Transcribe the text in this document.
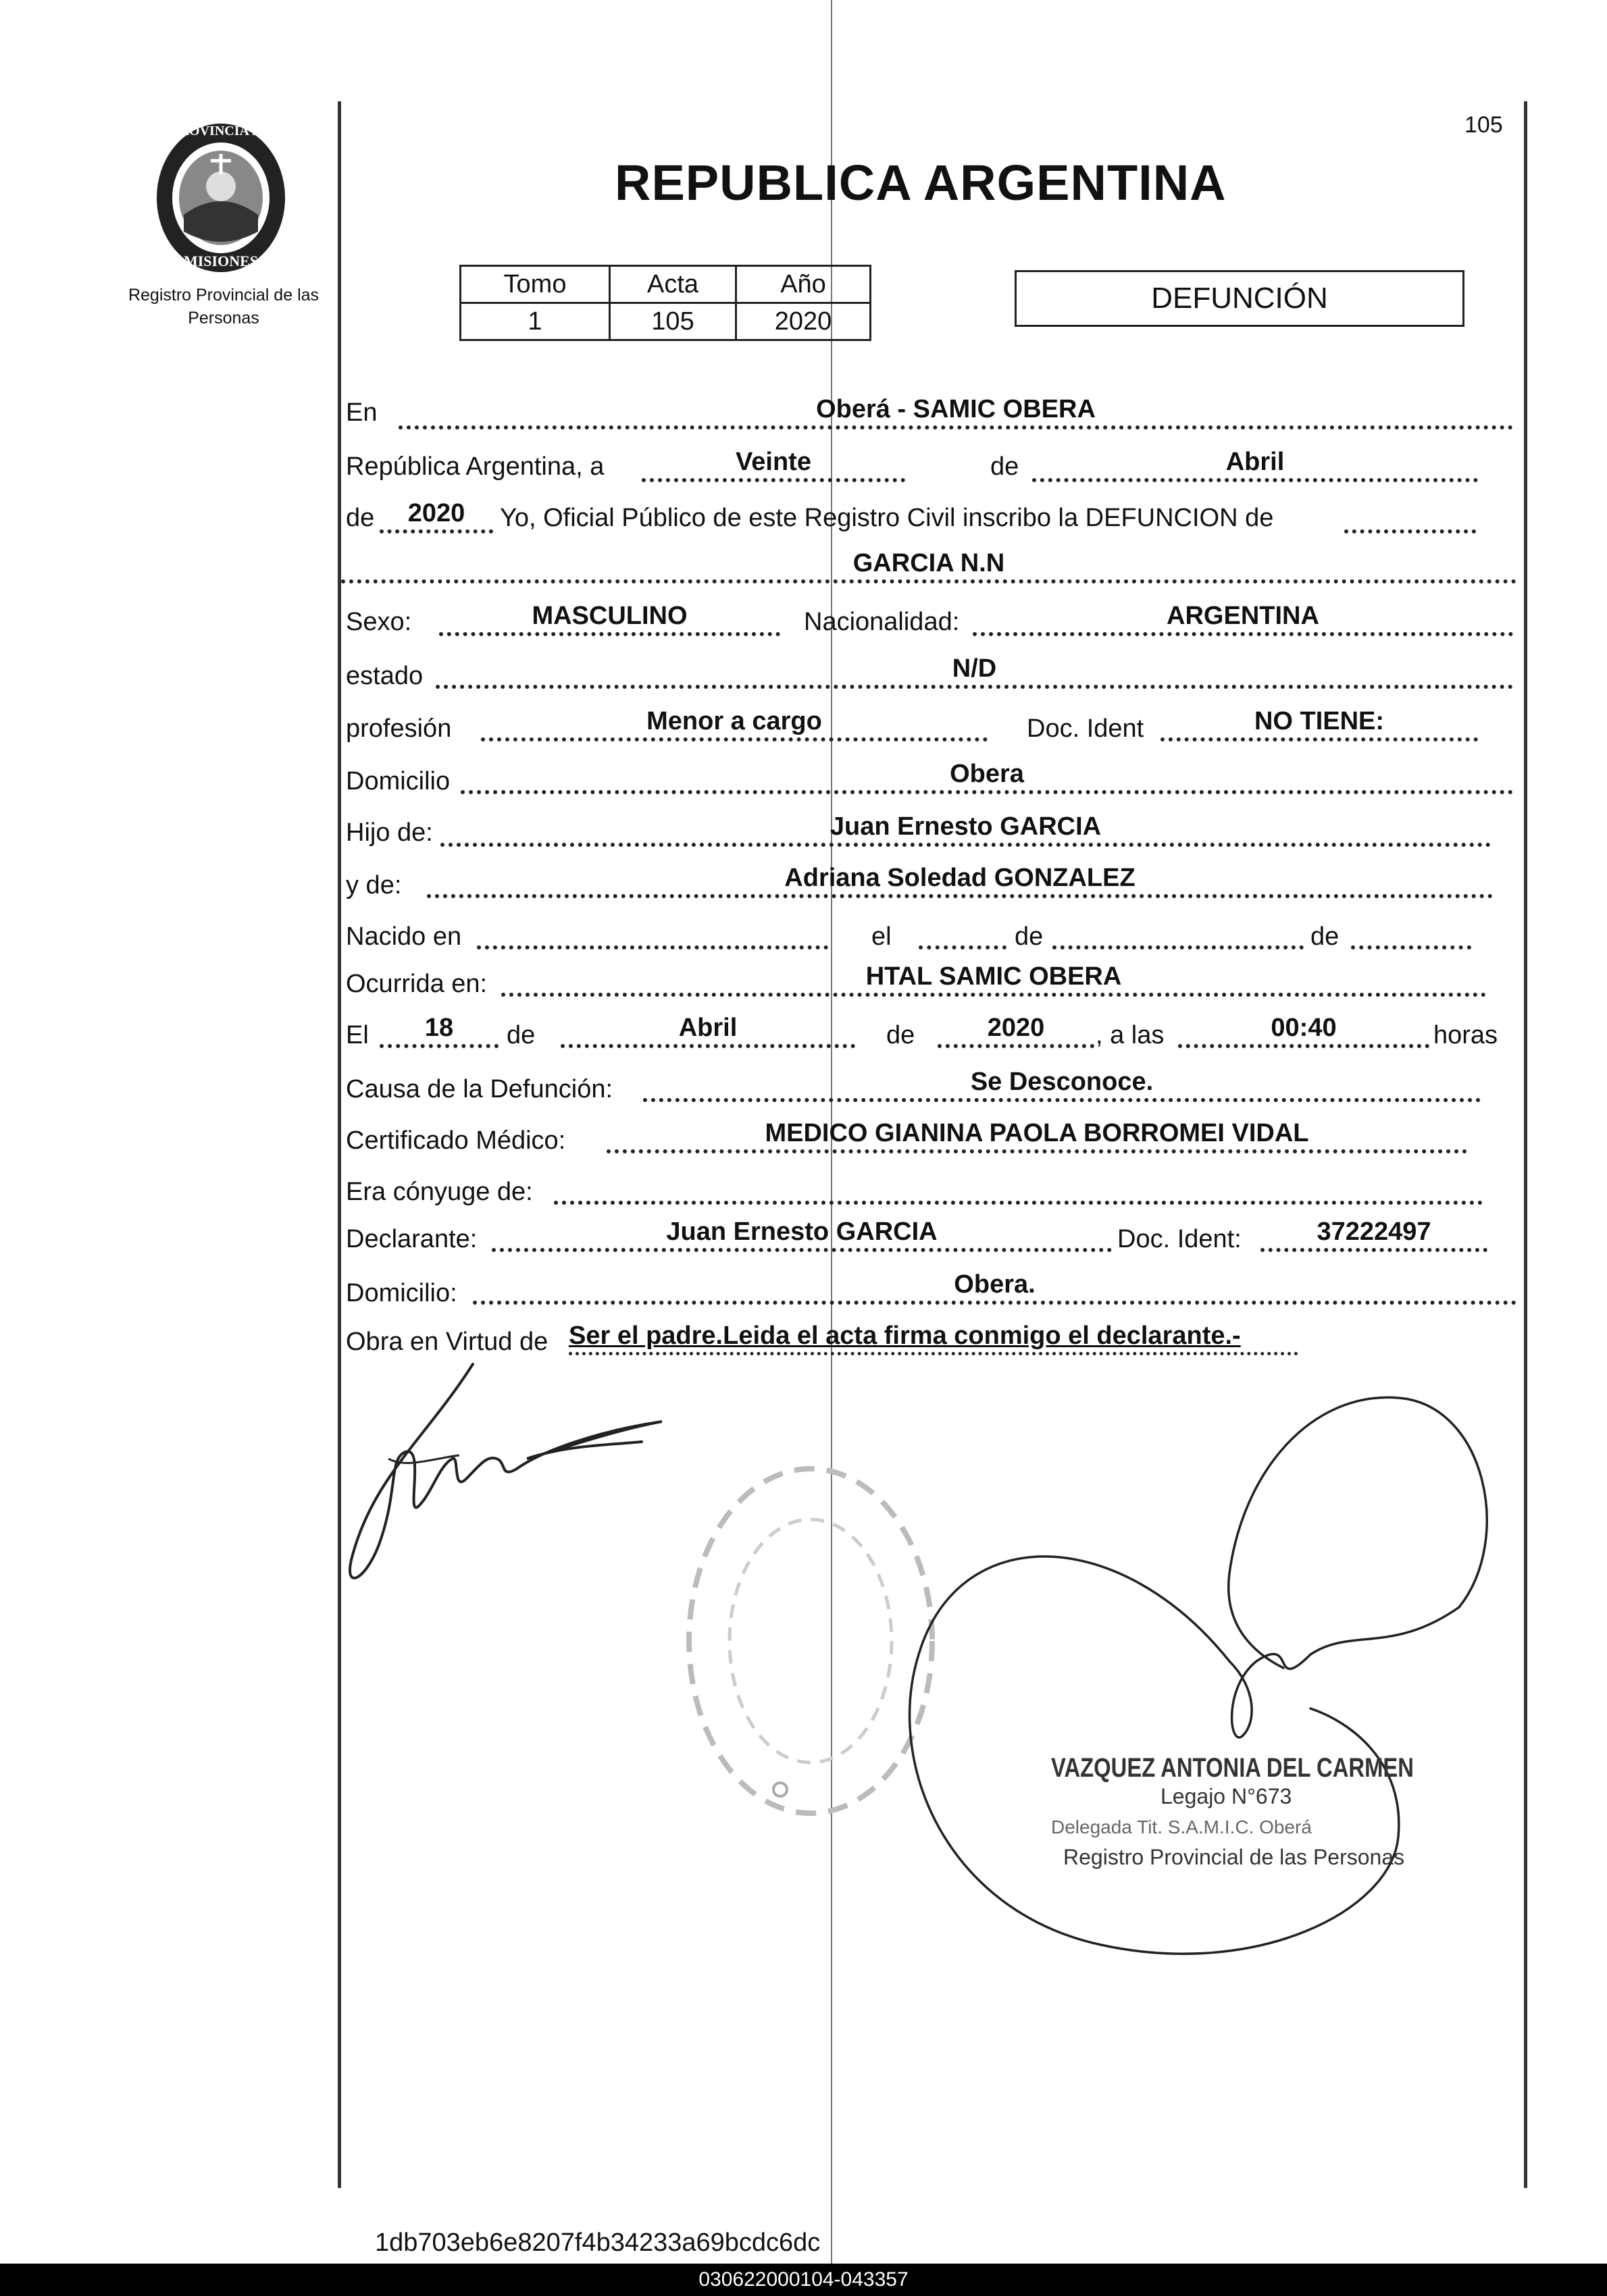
105
PROVINCIA DE
MISIONES
Registro Provincial de las Personas
REPUBLICA ARGENTINA
Tomo	Acta	Año
1	105	2020
DEFUNCIÓN
En	Oberá - SAMIC OBERA
República Argentina, a	Veinte	de	Abril
de	2020	Yo, Oficial Público de este Registro Civil inscribo la DEFUNCION de
GARCIA N.N
Sexo:	MASCULINO	Nacionalidad:	ARGENTINA
estado	N/D
profesión	Menor a cargo	Doc. Ident	NO TIENE:
Domicilio	Obera
Hijo de:	Juan Ernesto GARCIA
y de:	Adriana Soledad GONZALEZ
Nacido en	el	de	de
Ocurrida en:	HTAL SAMIC OBERA
El	18	de	Abril	de	2020	, a las	00:40	horas
Causa de la Defunción:	Se Desconoce.
Certificado Médico:	MEDICO GIANINA PAOLA BORROMEI VIDAL
Era cónyuge de:
Declarante:	Juan Ernesto GARCIA	Doc. Ident:	37222497
Domicilio:	Obera.
Obra en Virtud de Ser el padre.Leida el acta firma conmigo el declarante.-
VAZQUEZ ANTONIA DEL CARMEN
Legajo N°673
Delegada Tit. S.A.M.I.C. Oberá
Registro Provincial de las Personas
1db703eb6e8207f4b34233a69bcdc6dc
030622000104-043357
